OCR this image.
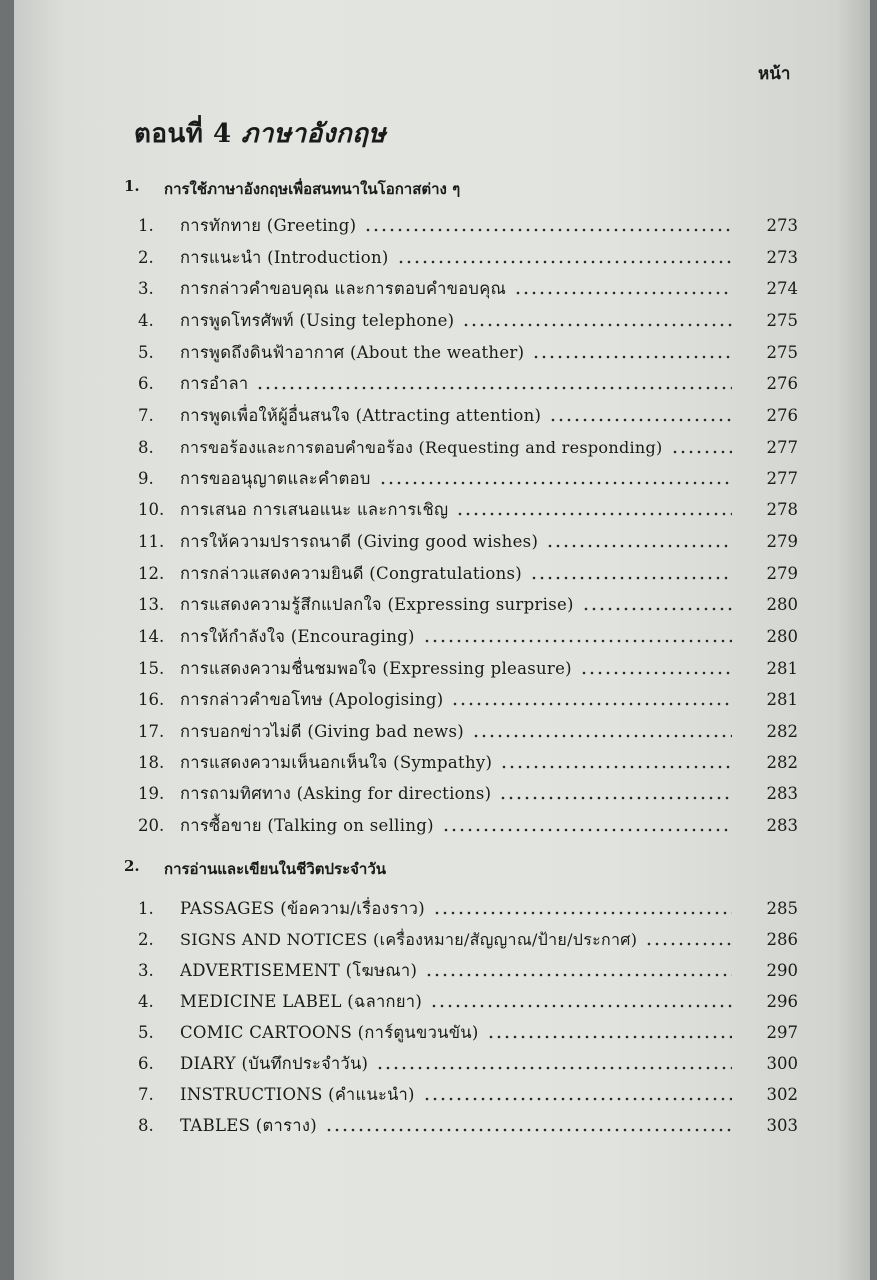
หน้า
ตอนที่ 4 ภาษาอังกฤษ
1. การใช้ภาษาอังกฤษเพื่อสนทนาในโอกาสต่าง ๆ
1.	การทักทาย (Greeting)	273
2.	การแนะนำ (Introduction)	273
3.	การกล่าวคำขอบคุณ และการตอบคำขอบคุณ	274
4.	การพูดโทรศัพท์ (Using telephone)	275
5.	การพูดถึงดินฟ้าอากาศ (About the weather)	275
6.	การอำลา	276
7.	การพูดเพื่อให้ผู้อื่นสนใจ (Attracting attention)	276
8.	การขอร้องและการตอบคำขอร้อง (Requesting and responding)	277
9.	การขออนุญาตและคำตอบ	277
10. การเสนอ การเสนอแนะ และการเชิญ	278
11. การให้ความปรารถนาดี (Giving good wishes)	279
12. การกล่าวแสดงความยินดี (Congratulations)	279
13. การแสดงความรู้สึกแปลกใจ (Expressing surprise)	280
14. การให้กำลังใจ (Encouraging)	280
15. การแสดงความชื่นชมพอใจ (Expressing pleasure)	281
16. การกล่าวคำขอโทษ (Apologising)	281
17. การบอกข่าวไม่ดี (Giving bad news)	282
18. การแสดงความเห็นอกเห็นใจ (Sympathy)	282
19. การถามทิศทาง (Asking for directions)	283
20. การซื้อขาย (Talking on selling)	283
2. การอ่านและเขียนในชีวิตประจำวัน
1.	PASSAGES (ข้อความ/เรื่องราว)	285
2.	SIGNS AND NOTICES (เครื่องหมาย/สัญญาณ/ป้าย/ประกาศ)	286
3.	ADVERTISEMENT (โฆษณา)	290
4.	MEDICINE LABEL (ฉลากยา)	296
5.	COMIC CARTOONS (การ์ตูนขวนขัน)	297
6.	DIARY (บันทึกประจำวัน)	300
7.	INSTRUCTIONS (คำแนะนำ)	302
8.	TABLES (ตาราง)	303
